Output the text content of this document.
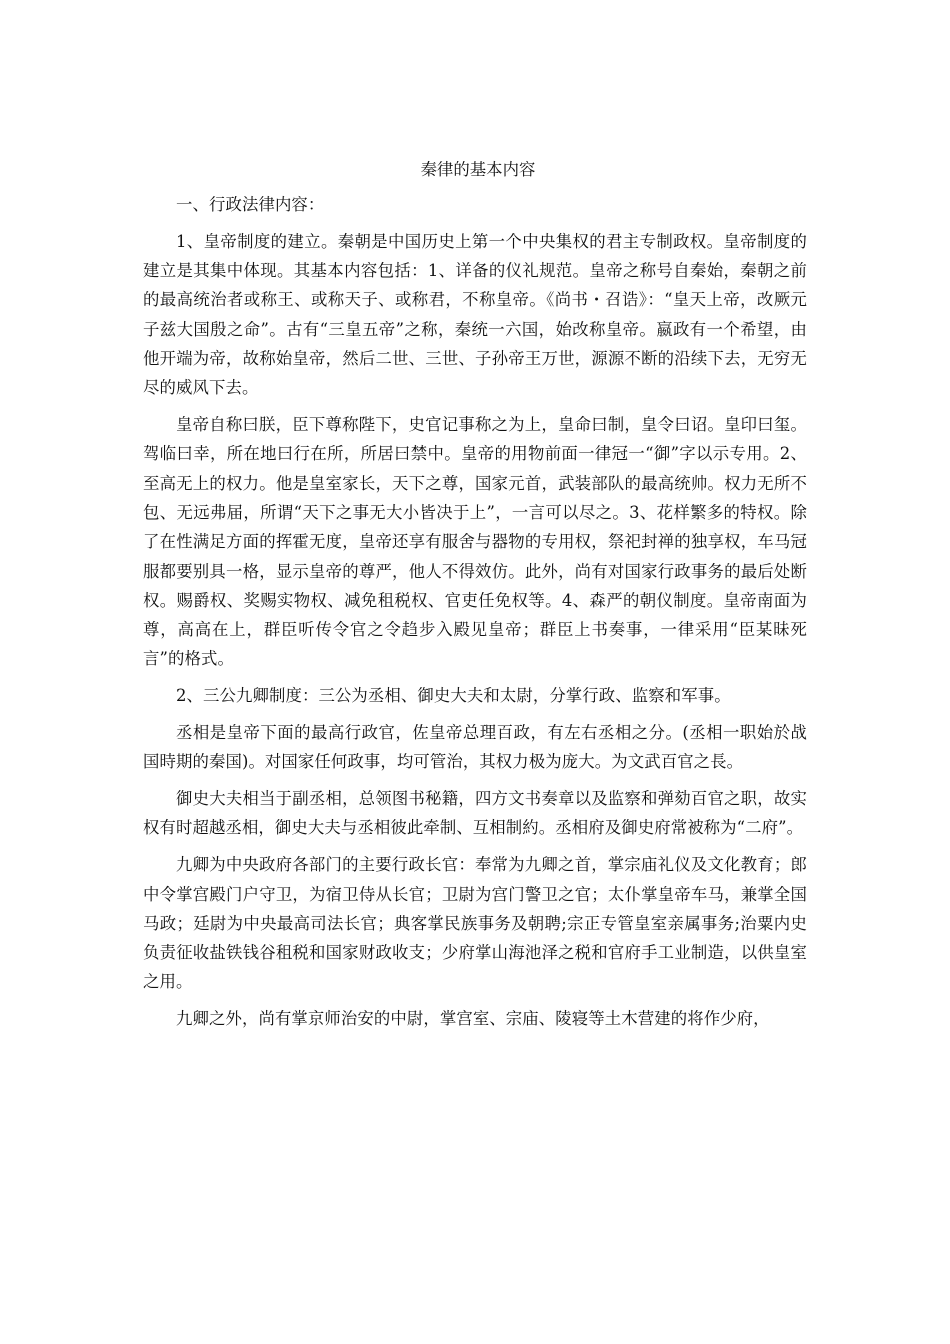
秦律的基本内容

一、行政法律内容：

1、皇帝制度的建立。秦朝是中国历史上第一个中央集权的君主专制政权。皇帝制度的建立是其集中体现。其基本内容包括：1、详备的仪礼规范。皇帝之称号自秦始，秦朝之前的最高统治者或称王、或称天子、或称君，不称皇帝。《尚书・召诰》：“皇天上帝，改厥元子兹大国殷之命”。古有“三皇五帝”之称，秦统一六国，始改称皇帝。嬴政有一个希望，由他开端为帝，故称始皇帝，然后二世、三世、子孙帝王万世，源源不断的沿续下去，无穷无尽的威风下去。

皇帝自称曰朕，臣下尊称陛下，史官记事称之为上，皇命曰制，皇令曰诏。皇印曰玺。驾临曰幸，所在地曰行在所，所居曰禁中。皇帝的用物前面一律冠一“御”字以示专用。2、至高无上的权力。他是皇室家长，天下之尊，国家元首，武装部队的最高统帅。权力无所不包、无远弗届，所谓“天下之事无大小皆决于上”，一言可以尽之。3、花样繁多的特权。除了在性满足方面的挥霍无度，皇帝还享有服舍与器物的专用权，祭祀封禅的独享权，车马冠服都要别具一格，显示皇帝的尊严，他人不得效仿。此外，尚有对国家行政事务的最后处断权。赐爵权、奖赐实物权、减免租税权、官吏任免权等。4、森严的朝仪制度。皇帝南面为尊，高高在上，群臣听传令官之令趋步入殿见皇帝；群臣上书奏事，一律采用“臣某昧死言”的格式。

2、三公九卿制度：三公为丞相、御史大夫和太尉，分掌行政、监察和军事。

丞相是皇帝下面的最高行政官，佐皇帝总理百政，有左右丞相之分。(丞相一职始於战国時期的秦国)。对国家任何政事，均可管治，其权力极为庞大。为文武百官之長。

御史大夫相当于副丞相，总领图书秘籍，四方文书奏章以及监察和弹劾百官之职，故实权有时超越丞相，御史大夫与丞相彼此牵制、互相制約。丞相府及御史府常被称为“二府”。

九卿为中央政府各部门的主要行政长官：奉常为九卿之首，掌宗庙礼仪及文化教育；郎中令掌宫殿门户守卫，为宿卫侍从长官；卫尉为宫门警卫之官；太仆掌皇帝车马，兼掌全国马政；廷尉为中央最高司法长官；典客掌民族事务及朝聘;宗正专管皇室亲属事务;治粟内史负责征收盐铁钱谷租税和国家财政收支；少府掌山海池泽之税和官府手工业制造，以供皇室之用。

九卿之外，尚有掌京师治安的中尉，掌宫室、宗庙、陵寝等土木营建的将作少府，
